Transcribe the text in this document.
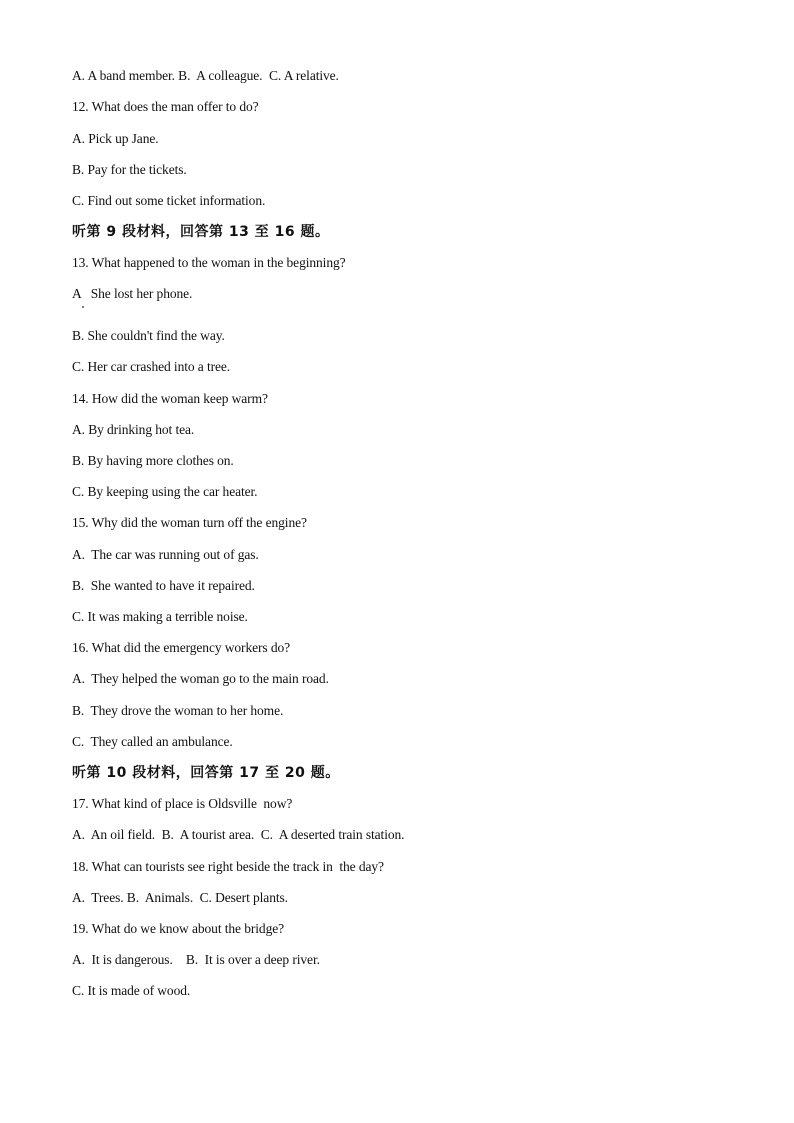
A. A band member. B.  A colleague.  C. A relative.
12. What does the man offer to do?
A. Pick up Jane.
B. Pay for the tickets.
C. Find out some ticket information.
听第 9 段材料，回答第 13 至 16 题。
13. What happened to the woman in the beginning?
A   She lost her phone.
B. She couldn't find the way.
C. Her car crashed into a tree.
14. How did the woman keep warm?
A. By drinking hot tea.
B. By having more clothes on.
C. By keeping using the car heater.
15. Why did the woman turn off the engine?
A.  The car was running out of gas.
B.  She wanted to have it repaired.
C. It was making a terrible noise.
16. What did the emergency workers do?
A.  They helped the woman go to the main road.
B.  They drove the woman to her home.
C.  They called an ambulance.
听第 10 段材料，回答第 17 至 20 题。
17. What kind of place is Oldsville  now?
A.  An oil field.  B.  A tourist area.  C.  A deserted train station.
18. What can tourists see right beside the track in  the day?
A.  Trees. B.  Animals.  C. Desert plants.
19. What do we know about the bridge?
A.  It is dangerous.    B.  It is over a deep river.
C. It is made of wood.
